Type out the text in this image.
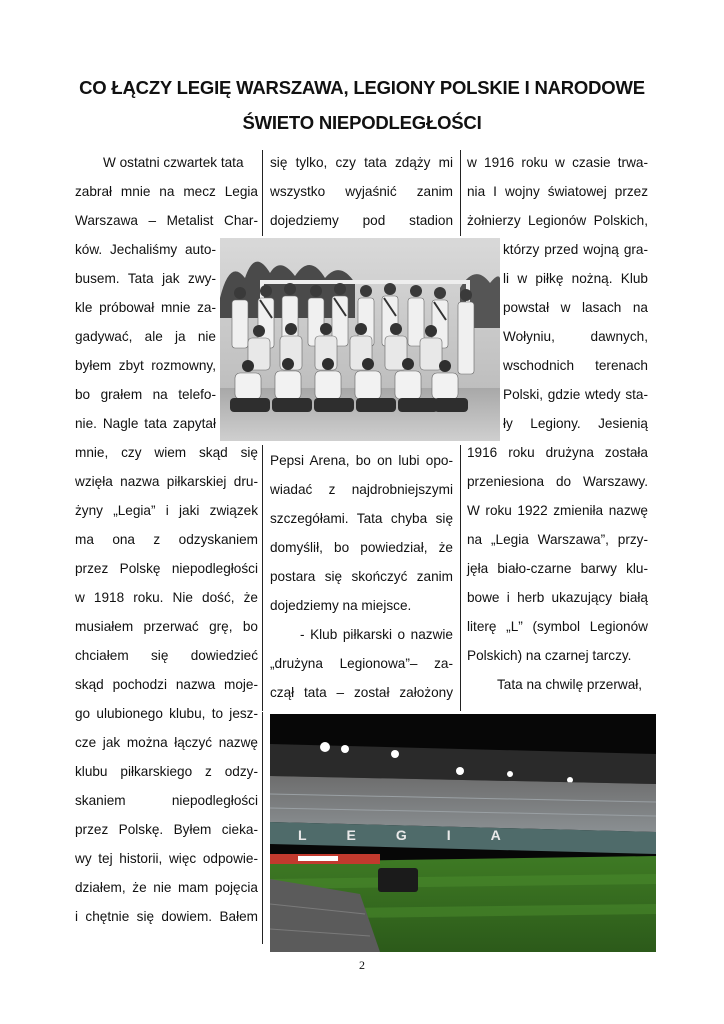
CO ŁĄCZY LEGIĘ WARSZAWA, LEGIONY POLSKIE I NARODOWE
ŚWIETO NIEPODLEGŁOŚCI
W ostatni czwartek tata
zabrał mnie na mecz Legia
Warszawa – Metalist Char-
ków. Jechaliśmy auto-
busem. Tata jak zwy-
kle próbował mnie za-
gadywać, ale ja nie
byłem zbyt rozmowny,
bo grałem na telefo-
nie. Nagle tata zapytał
mnie, czy wiem skąd się
wzięła nazwa piłkarskiej dru-
żyny „Legia” i jaki związek
ma ona z odzyskaniem
przez Polskę niepodległości
w 1918 roku. Nie dość, że
musiałem przerwać grę, bo
chciałem się dowiedzieć
skąd pochodzi nazwa moje-
go ulubionego klubu, to jesz-
cze jak można łączyć nazwę
klubu piłkarskiego z odzy-
skaniem niepodległości
przez Polskę. Byłem cieka-
wy tej historii, więc odpowie-
działem, że nie mam pojęcia
i chętnie się dowiem. Bałem
się tylko, czy tata zdąży mi
wszystko wyjaśnić zanim
dojedziemy pod stadion
Pepsi Arena, bo on lubi opo-
wiadać z najdrobniejszymi
szczegółami. Tata chyba się
domyślił, bo powiedział, że
postara się skończyć zanim
dojedziemy na miejsce.
- Klub piłkarski o nazwie
„drużyna Legionowa”– za-
czął tata – został założony
w 1916 roku w czasie trwa-
nia I wojny światowej przez
żołnierzy Legionów Polskich,
którzy przed wojną gra-
li w piłkę nożną. Klub
powstał w lasach na
Wołyniu, dawnych,
wschodnich terenach
Polski, gdzie wtedy sta-
ły Legiony. Jesienią
1916 roku drużyna została
przeniesiona do Warszawy.
W roku 1922 zmieniła nazwę
na „Legia Warszawa”, przy-
jęła biało-czarne barwy klu-
bowe i herb ukazujący białą
literę „L” (symbol Legionów
Polskich) na czarnej tarczy.
Tata na chwilę przerwał,
LEGIA
2
